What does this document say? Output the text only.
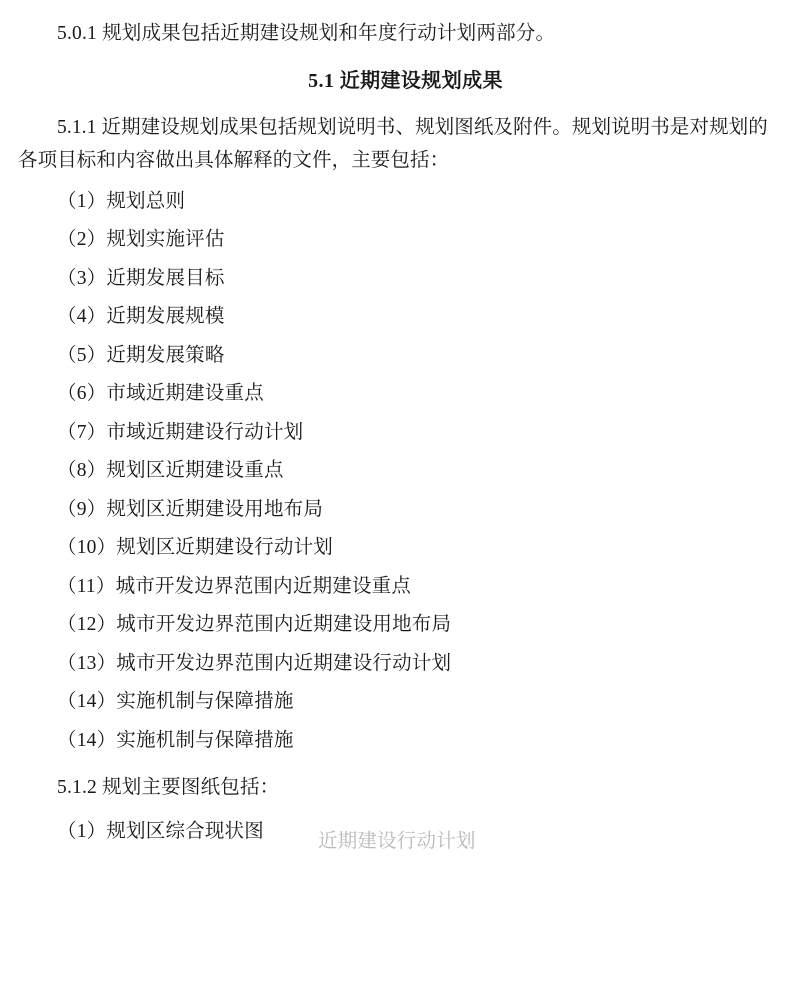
5.0.1 规划成果包括近期建设规划和年度行动计划两部分。

5.1 近期建设规划成果

5.1.1 近期建设规划成果包括规划说明书、规划图纸及附件。规划说明书是对规划的

各项目标和内容做出具体解释的文件，主要包括：

（1）规划总则
（2）规划实施评估
（3）近期发展目标
（4）近期发展规模
（5）近期发展策略
（6）市域近期建设重点
（7）市域近期建设行动计划
（8）规划区近期建设重点
（9）规划区近期建设用地布局
（10）规划区近期建设行动计划
（11）城市开发边界范围内近期建设重点
（12）城市开发边界范围内近期建设用地布局
（13）城市开发边界范围内近期建设行动计划
（14）实施机制与保障措施
（14）实施机制与保障措施

5.1.2 规划主要图纸包括：

（1）规划区综合现状图	近期建设行动计划
